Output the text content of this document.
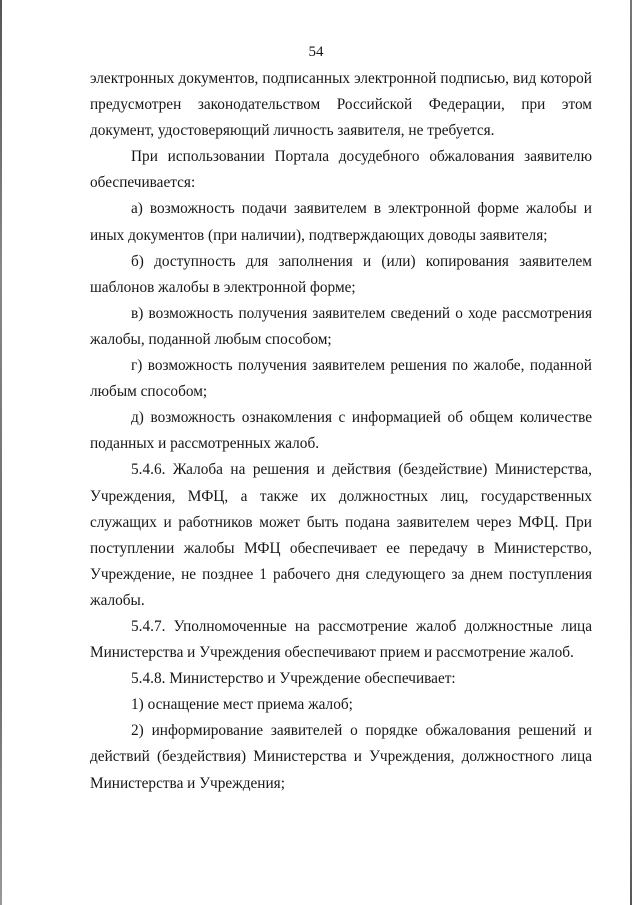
54

электронных документов, подписанных электронной подписью, вид которой предусмотрен законодательством Российской Федерации, при этом документ, удостоверяющий личность заявителя, не требуется.

При использовании Портала досудебного обжалования заявителю обеспечивается:

а) возможность подачи заявителем в электронной форме жалобы и иных документов (при наличии), подтверждающих доводы заявителя;

б) доступность для заполнения и (или) копирования заявителем шаблонов жалобы в электронной форме;

в) возможность получения заявителем сведений о ходе рассмотрения жалобы, поданной любым способом;

г) возможность получения заявителем решения по жалобе, поданной любым способом;

д) возможность ознакомления с информацией об общем количестве поданных и рассмотренных жалоб.

5.4.6. Жалоба на решения и действия (бездействие) Министерства, Учреждения, МФЦ, а также их должностных лиц, государственных служащих и работников может быть подана заявителем через МФЦ. При поступлении жалобы МФЦ обеспечивает ее передачу в Министерство, Учреждение, не позднее 1 рабочего дня следующего за днем поступления жалобы.

5.4.7. Уполномоченные на рассмотрение жалоб должностные лица Министерства и Учреждения обеспечивают прием и рассмотрение жалоб.

5.4.8. Министерство и Учреждение обеспечивает:

1) оснащение мест приема жалоб;

2) информирование заявителей о порядке обжалования решений и действий (бездействия) Министерства и Учреждения, должностного лица Министерства и Учреждения;
